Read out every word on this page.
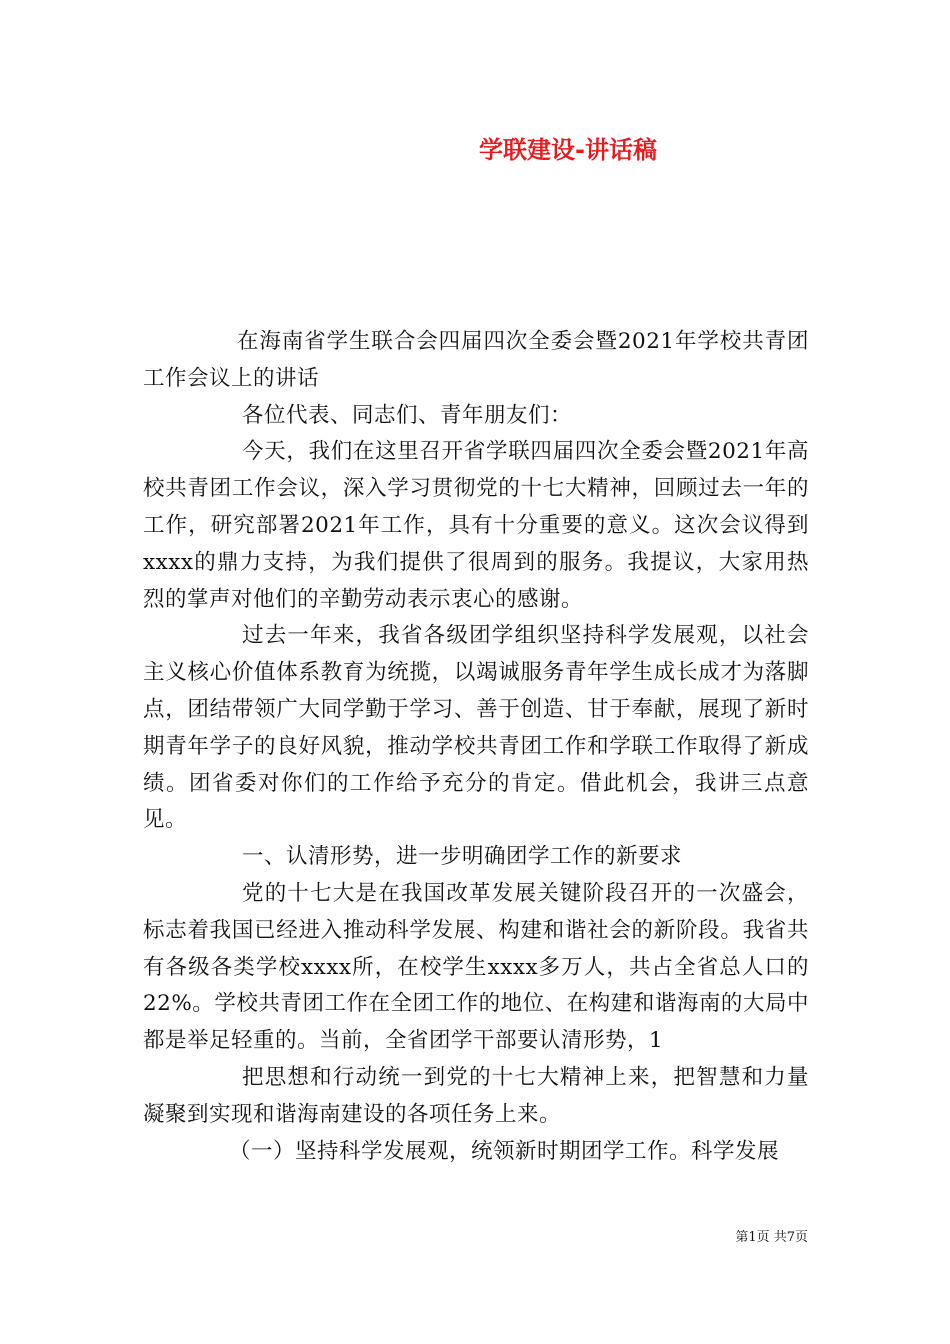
学联建设-讲话稿

在海南省学生联合会四届四次全委会暨2021年学校共青团工作会议上的讲话

各位代表、同志们、青年朋友们：

今天，我们在这里召开省学联四届四次全委会暨2021年高校共青团工作会议，深入学习贯彻党的十七大精神，回顾过去一年的工作，研究部署2021年工作，具有十分重要的意义。这次会议得到xxxx的鼎力支持，为我们提供了很周到的服务。我提议，大家用热烈的掌声对他们的辛勤劳动表示衷心的感谢。

过去一年来，我省各级团学组织坚持科学发展观，以社会主义核心价值体系教育为统揽，以竭诚服务青年学生成长成才为落脚点，团结带领广大同学勤于学习、善于创造、甘于奉献，展现了新时期青年学子的良好风貌，推动学校共青团工作和学联工作取得了新成绩。团省委对你们的工作给予充分的肯定。借此机会，我讲三点意见。

一、认清形势，进一步明确团学工作的新要求

党的十七大是在我国改革发展关键阶段召开的一次盛会，标志着我国已经进入推动科学发展、构建和谐社会的新阶段。我省共有各级各类学校xxxx所，在校学生xxxx多万人，共占全省总人口的22%。学校共青团工作在全团工作的地位、在构建和谐海南的大局中都是举足轻重的。当前，全省团学干部要认清形势，1

把思想和行动统一到党的十七大精神上来，把智慧和力量凝聚到实现和谐海南建设的各项任务上来。

（一）坚持科学发展观，统领新时期团学工作。科学发展

第1页 共7页
